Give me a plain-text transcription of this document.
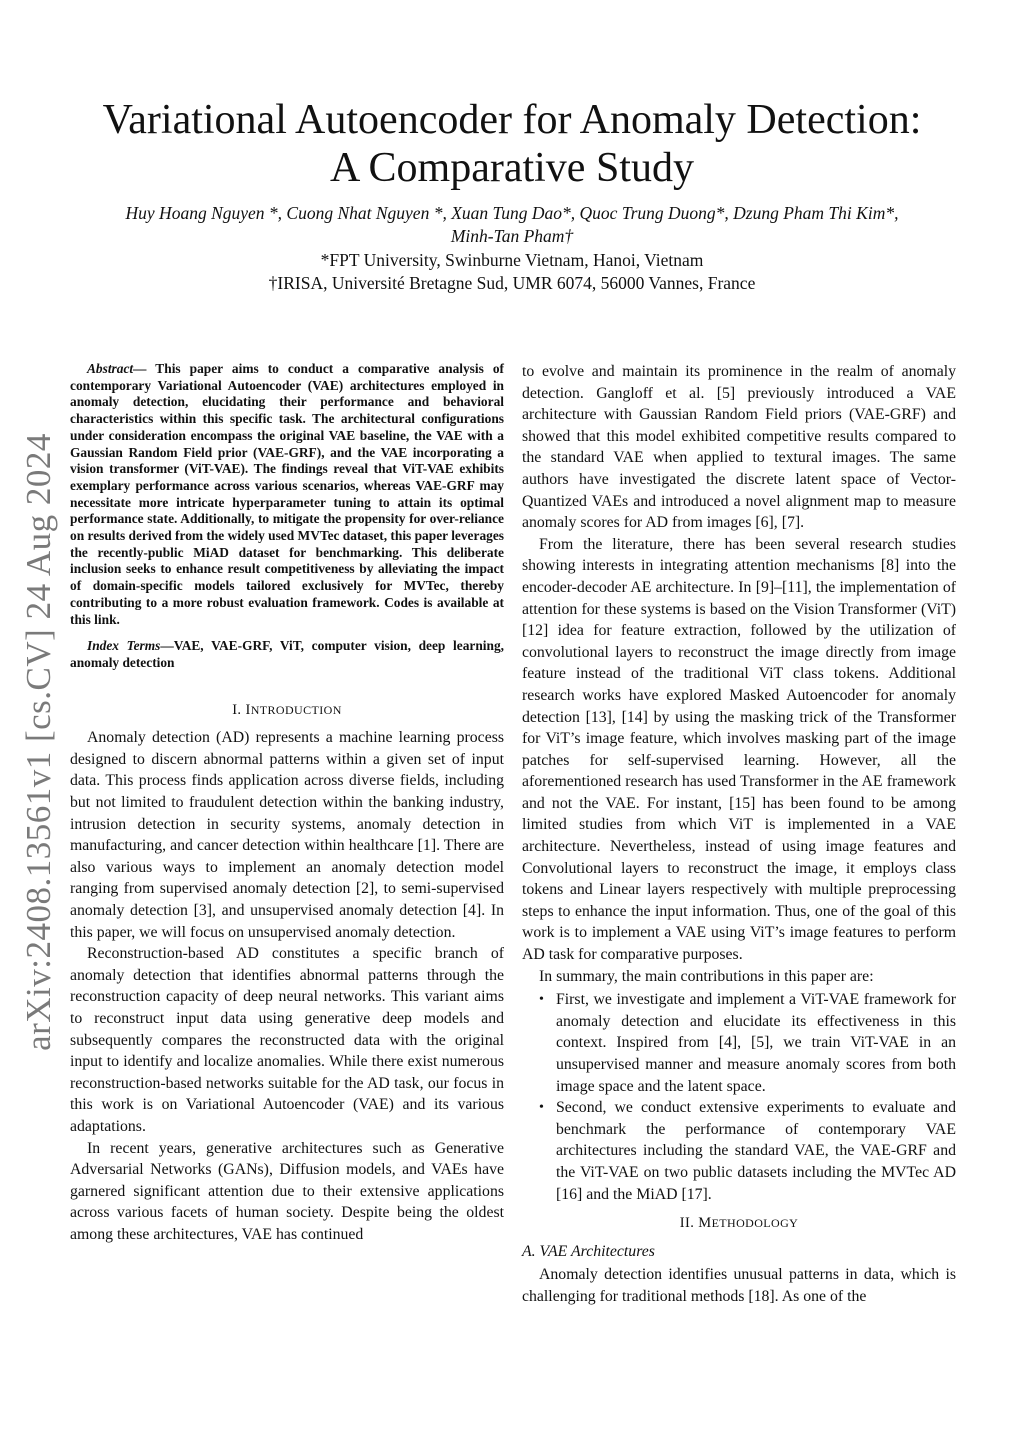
arXiv:2408.13561v1 [cs.CV] 24 Aug 2024
Variational Autoencoder for Anomaly Detection:
A Comparative Study
Huy Hoang Nguyen *, Cuong Nhat Nguyen *, Xuan Tung Dao*, Quoc Trung Duong*, Dzung Pham Thi Kim*,
Minh-Tan Pham†
*FPT University, Swinburne Vietnam, Hanoi, Vietnam
†IRISA, Université Bretagne Sud, UMR 6074, 56000 Vannes, France

Abstract— This paper aims to conduct a comparative analysis of contemporary Variational Autoencoder (VAE) architectures employed in anomaly detection, elucidating their performance and behavioral characteristics within this specific task. The architectural configurations under consideration encompass the original VAE baseline, the VAE with a Gaussian Random Field prior (VAE-GRF), and the VAE incorporating a vision transformer (ViT-VAE). The findings reveal that ViT-VAE exhibits exemplary performance across various scenarios, whereas VAE-GRF may necessitate more intricate hyperparameter tuning to attain its optimal performance state. Additionally, to mitigate the propensity for over-reliance on results derived from the widely used MVTec dataset, this paper leverages the recently-public MiAD dataset for benchmarking. This deliberate inclusion seeks to enhance result competitiveness by alleviating the impact of domain-specific models tailored exclusively for MVTec, thereby contributing to a more robust evaluation framework. Codes is available at this link.

Index Terms—VAE, VAE-GRF, ViT, computer vision, deep learning, anomaly detection

I. INTRODUCTION

Anomaly detection (AD) represents a machine learning process designed to discern abnormal patterns within a given set of input data. This process finds application across diverse fields, including but not limited to fraudulent detection within the banking industry, intrusion detection in security systems, anomaly detection in manufacturing, and cancer detection within healthcare [1]. There are also various ways to implement an anomaly detection model ranging from supervised anomaly detection [2], to semi-supervised anomaly detection [3], and unsupervised anomaly detection [4]. In this paper, we will focus on unsupervised anomaly detection.

Reconstruction-based AD constitutes a specific branch of anomaly detection that identifies abnormal patterns through the reconstruction capacity of deep neural networks. This variant aims to reconstruct input data using generative deep models and subsequently compares the reconstructed data with the original input to identify and localize anomalies. While there exist numerous reconstruction-based networks suitable for the AD task, our focus in this work is on Variational Autoencoder (VAE) and its various adaptations.

In recent years, generative architectures such as Generative Adversarial Networks (GANs), Diffusion models, and VAEs have garnered significant attention due to their extensive applications across various facets of human society. Despite being the oldest among these architectures, VAE has continued

to evolve and maintain its prominence in the realm of anomaly detection. Gangloff et al. [5] previously introduced a VAE architecture with Gaussian Random Field priors (VAE-GRF) and showed that this model exhibited competitive results compared to the standard VAE when applied to textural images. The same authors have investigated the discrete latent space of Vector-Quantized VAEs and introduced a novel alignment map to measure anomaly scores for AD from images [6], [7].

From the literature, there has been several research studies showing interests in integrating attention mechanisms [8] into the encoder-decoder AE architecture. In [9]–[11], the implementation of attention for these systems is based on the Vision Transformer (ViT) [12] idea for feature extraction, followed by the utilization of convolutional layers to reconstruct the image directly from image feature instead of the traditional ViT class tokens. Additional research works have explored Masked Autoencoder for anomaly detection [13], [14] by using the masking trick of the Transformer for ViT’s image feature, which involves masking part of the image patches for self-supervised learning. However, all the aforementioned research has used Transformer in the AE framework and not the VAE. For instant, [15] has been found to be among limited studies from which ViT is implemented in a VAE architecture. Nevertheless, instead of using image features and Convolutional layers to reconstruct the image, it employs class tokens and Linear layers respectively with multiple preprocessing steps to enhance the input information. Thus, one of the goal of this work is to implement a VAE using ViT’s image features to perform AD task for comparative purposes.

In summary, the main contributions in this paper are:

• First, we investigate and implement a ViT-VAE framework for anomaly detection and elucidate its effectiveness in this context. Inspired from [4], [5], we train ViT-VAE in an unsupervised manner and measure anomaly scores from both image space and the latent space.
• Second, we conduct extensive experiments to evaluate and benchmark the performance of contemporary VAE architectures including the standard VAE, the VAE-GRF and the ViT-VAE on two public datasets including the MVTec AD [16] and the MiAD [17].
II. METHODOLOGY
A. VAE Architectures

Anomaly detection identifies unusual patterns in data, which is challenging for traditional methods [18]. As one of the
